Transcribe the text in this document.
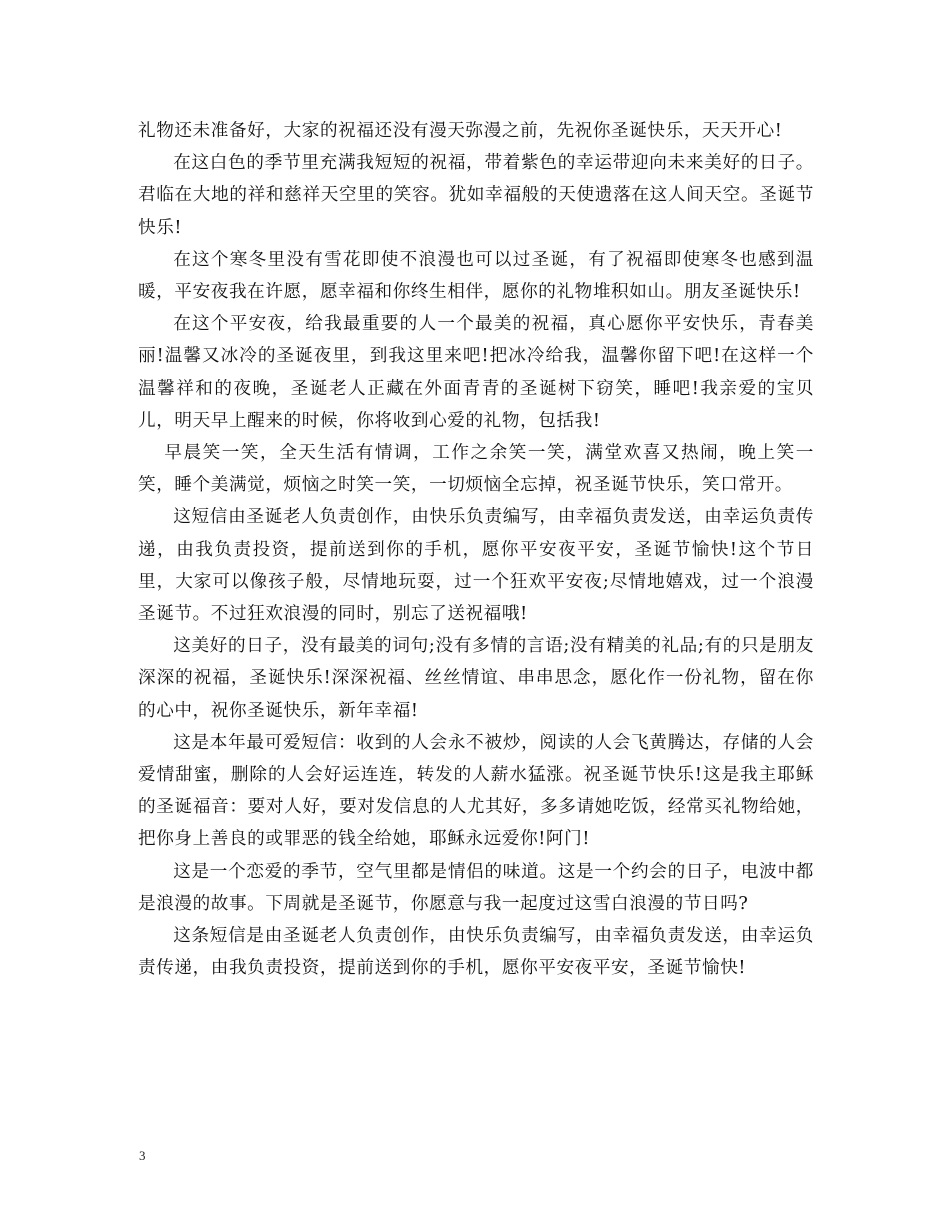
礼物还未准备好，大家的祝福还没有漫天弥漫之前，先祝你圣诞快乐，天天开心!

在这白色的季节里充满我短短的祝福，带着紫色的幸运带迎向未来美好的日子。君临在大地的祥和慈祥天空里的笑容。犹如幸福般的天使遗落在这人间天空。圣诞节快乐!

在这个寒冬里没有雪花即使不浪漫也可以过圣诞，有了祝福即使寒冬也感到温暖，平安夜我在许愿，愿幸福和你终生相伴，愿你的礼物堆积如山。朋友圣诞快乐!

在这个平安夜，给我最重要的人一个最美的祝福，真心愿你平安快乐，青春美丽!温馨又冰冷的圣诞夜里，到我这里来吧!把冰冷给我，温馨你留下吧!在这样一个温馨祥和的夜晚，圣诞老人正藏在外面青青的圣诞树下窃笑，睡吧!我亲爱的宝贝儿，明天早上醒来的时候，你将收到心爱的礼物，包括我!

早晨笑一笑，全天生活有情调，工作之余笑一笑，满堂欢喜又热闹，晚上笑一笑，睡个美满觉，烦恼之时笑一笑，一切烦恼全忘掉，祝圣诞节快乐，笑口常开。

这短信由圣诞老人负责创作，由快乐负责编写，由幸福负责发送，由幸运负责传递，由我负责投资，提前送到你的手机，愿你平安夜平安，圣诞节愉快!这个节日里，大家可以像孩子般，尽情地玩耍，过一个狂欢平安夜;尽情地嬉戏，过一个浪漫圣诞节。不过狂欢浪漫的同时，别忘了送祝福哦!

这美好的日子，没有最美的词句;没有多情的言语;没有精美的礼品;有的只是朋友深深的祝福，圣诞快乐!深深祝福、丝丝情谊、串串思念，愿化作一份礼物，留在你的心中，祝你圣诞快乐，新年幸福!

这是本年最可爱短信：收到的人会永不被炒，阅读的人会飞黄腾达，存储的人会爱情甜蜜，删除的人会好运连连，转发的人薪水猛涨。祝圣诞节快乐!这是我主耶稣的圣诞福音：要对人好，要对发信息的人尤其好，多多请她吃饭，经常买礼物给她，把你身上善良的或罪恶的钱全给她，耶稣永远爱你!阿门!

这是一个恋爱的季节，空气里都是情侣的味道。这是一个约会的日子，电波中都是浪漫的故事。下周就是圣诞节，你愿意与我一起度过这雪白浪漫的节日吗?

这条短信是由圣诞老人负责创作，由快乐负责编写，由幸福负责发送，由幸运负责传递，由我负责投资，提前送到你的手机，愿你平安夜平安，圣诞节愉快!

3
